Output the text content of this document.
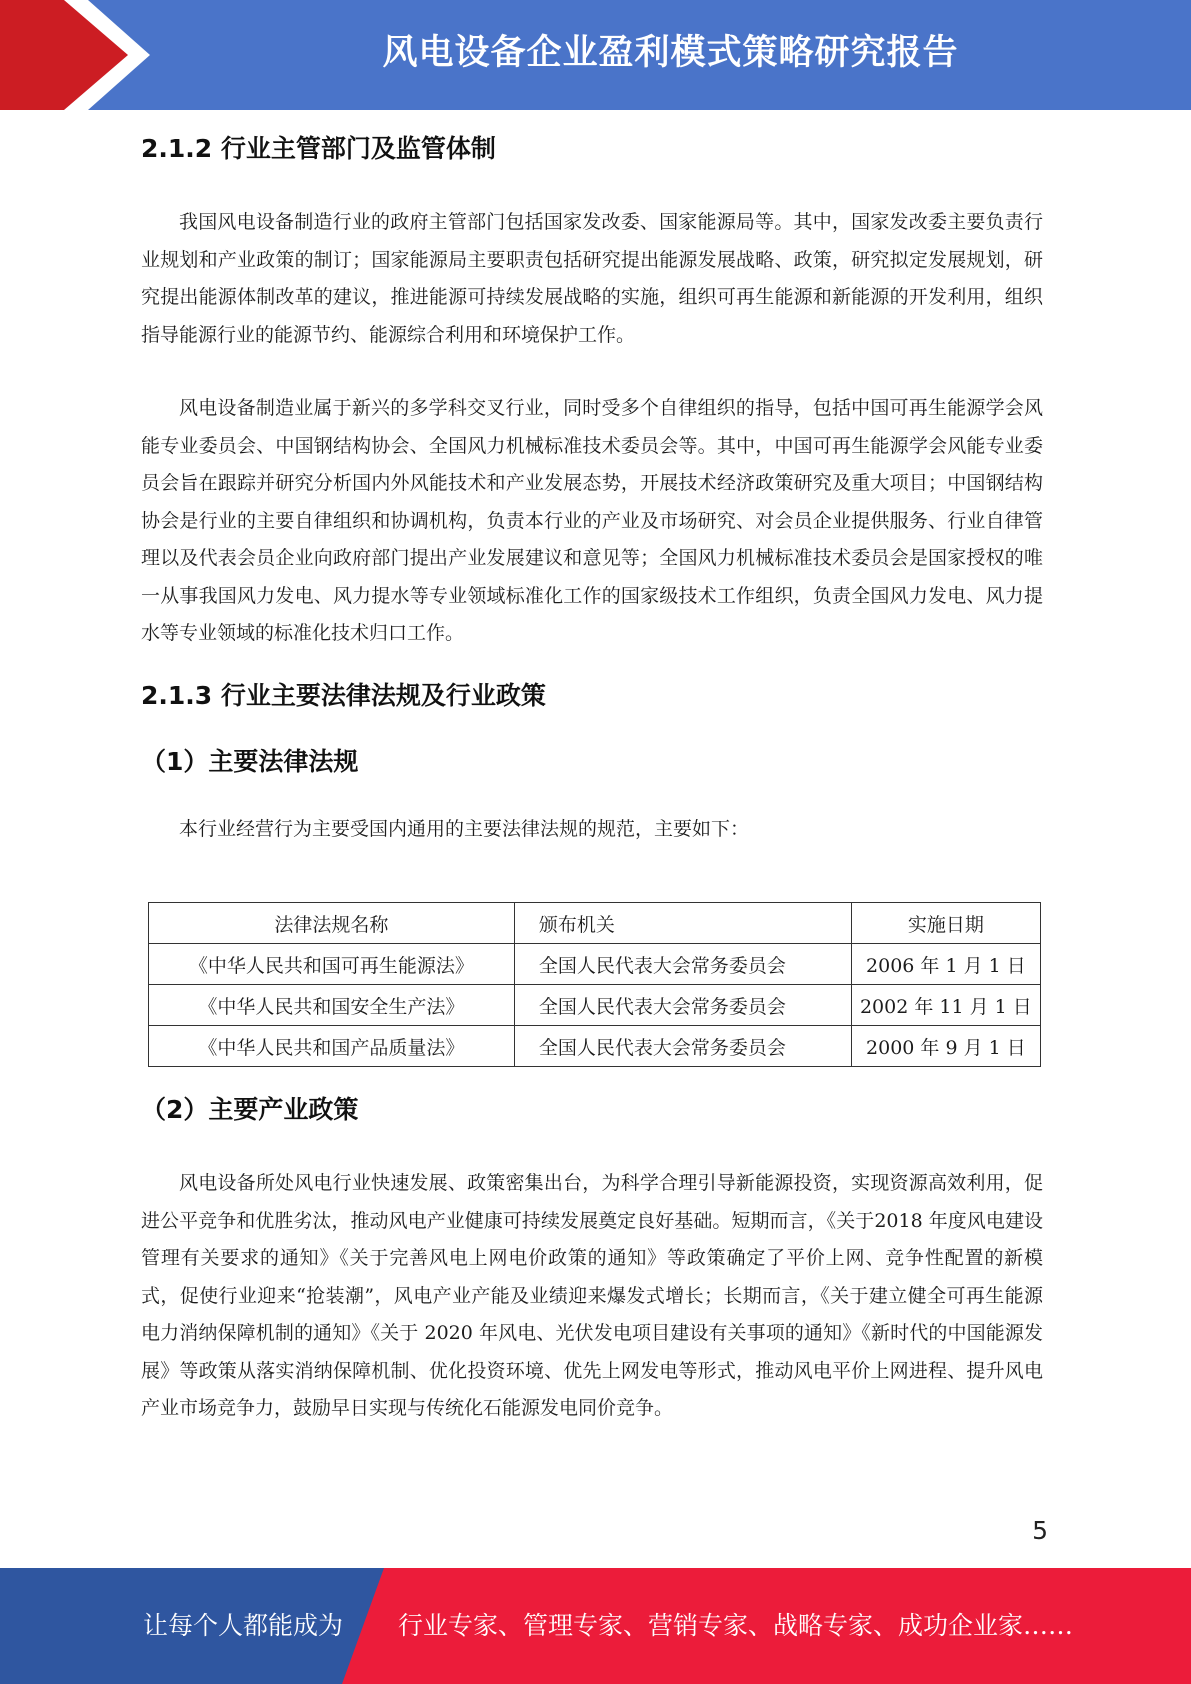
风电设备企业盈利模式策略研究报告
2.1.2 行业主管部门及监管体制

我国风电设备制造行业的政府主管部门包括国家发改委、国家能源局等。其中，国家发改委主要负责行业规划和产业政策的制订；国家能源局主要职责包括研究提出能源发展战略、政策，研究拟定发展规划，研究提出能源体制改革的建议，推进能源可持续发展战略的实施，组织可再生能源和新能源的开发利用，组织指导能源行业的能源节约、能源综合利用和环境保护工作。

风电设备制造业属于新兴的多学科交叉行业，同时受多个自律组织的指导，包括中国可再生能源学会风能专业委员会、中国钢结构协会、全国风力机械标准技术委员会等。其中，中国可再生能源学会风能专业委员会旨在跟踪并研究分析国内外风能技术和产业发展态势，开展技术经济政策研究及重大项目；中国钢结构协会是行业的主要自律组织和协调机构，负责本行业的产业及市场研究、对会员企业提供服务、行业自律管理以及代表会员企业向政府部门提出产业发展建议和意见等；全国风力机械标准技术委员会是国家授权的唯一从事我国风力发电、风力提水等专业领域标准化工作的国家级技术工作组织，负责全国风力发电、风力提水等专业领域的标准化技术归口工作。

2.1.3 行业主要法律法规及行业政策
（1）主要法律法规

本行业经营行为主要受国内通用的主要法律法规的规范，主要如下：

法律法规名称	颁布机关	实施日期
《中华人民共和国可再生能源法》	全国人民代表大会常务委员会	2006 年 1 月 1 日
《中华人民共和国安全生产法》	全国人民代表大会常务委员会	2002 年 11 月 1 日
《中华人民共和国产品质量法》	全国人民代表大会常务委员会	2000 年 9 月 1 日
（2）主要产业政策

风电设备所处风电行业快速发展、政策密集出台，为科学合理引导新能源投资，实现资源高效利用，促进公平竞争和优胜劣汰，推动风电产业健康可持续发展奠定良好基础。短期而言，《关于2018 年度风电建设管理有关要求的通知》《关于完善风电上网电价政策的通知》等政策确定了平价上网、竞争性配置的新模式，促使行业迎来“抢装潮”，风电产业产能及业绩迎来爆发式增长；长期而言，《关于建立健全可再生能源电力消纳保障机制的通知》《关于 2020 年风电、光伏发电项目建设有关事项的通知》《新时代的中国能源发展》等政策从落实消纳保障机制、优化投资环境、优先上网发电等形式，推动风电平价上网进程、提升风电产业市场竞争力，鼓励早日实现与传统化石能源发电同价竞争。

5
让每个人都能成为 行业专家、管理专家、营销专家、战略专家、成功企业家……
